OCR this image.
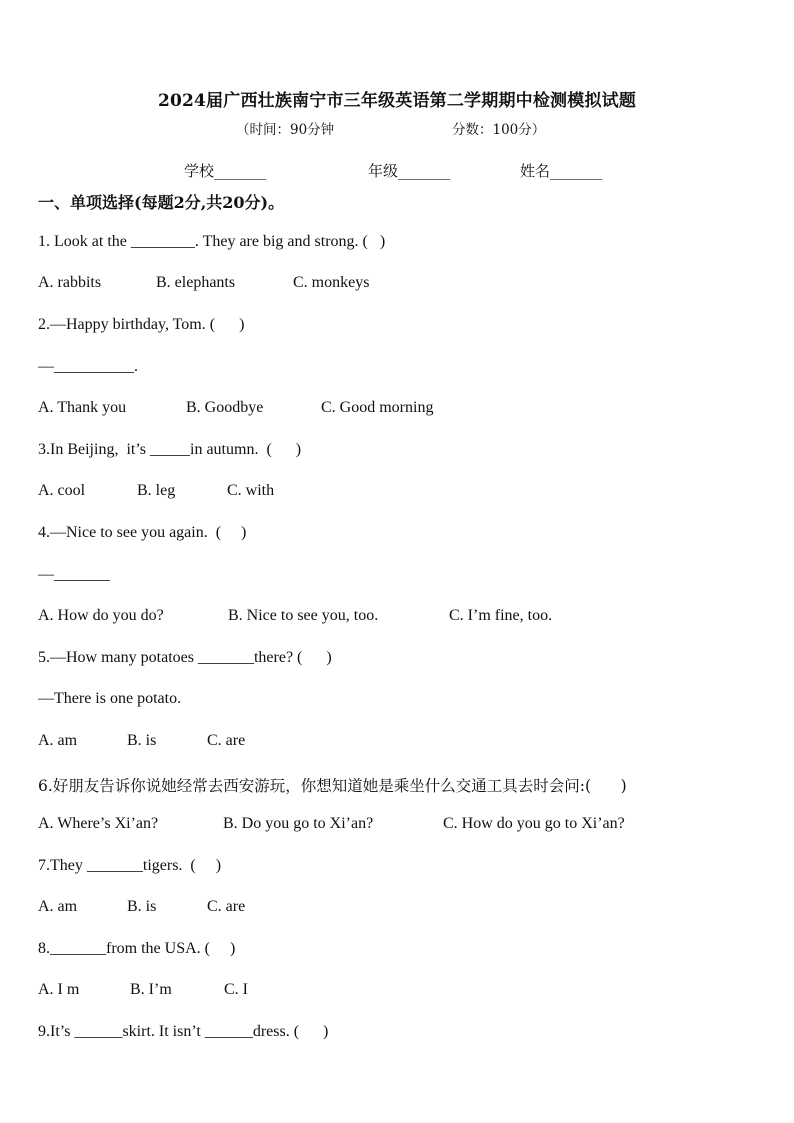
2024届广西壮族南宁市三年级英语第二学期期中检测模拟试题
（时间：90分钟	分数：100分）
学校_______	年级_______	姓名_______
一、单项选择(每题2分,共20分)。
1. Look at the ________. They are big and strong. (   )
A. rabbits	B. elephants	C. monkeys
2.—Happy birthday, Tom. (      )
—__________.
A. Thank you	B. Goodbye	C. Good morning
3.In Beijing,  it’s _____in autumn.  (      )
A. cool	B. leg	C. with
4.—Nice to see you again.  (     )
—_______
A. How do you do?	B. Nice to see you, too.	C. I’m fine, too.
5.—How many potatoes _______there? (      )
—There is one potato.
A. am	B. is	C. are
6.好朋友告诉你说她经常去西安游玩，你想知道她是乘坐什么交通工具去时会问:(      )
A. Where’s Xi’an?	B. Do you go to Xi’an?	C. How do you go to Xi’an?
7.They _______tigers.  (     )
A. am	B. is	C. are
8._______from the USA. (     )
A. I m	B. I’m	C. I
9.It’s ______skirt. It isn’t ______dress. (      )
